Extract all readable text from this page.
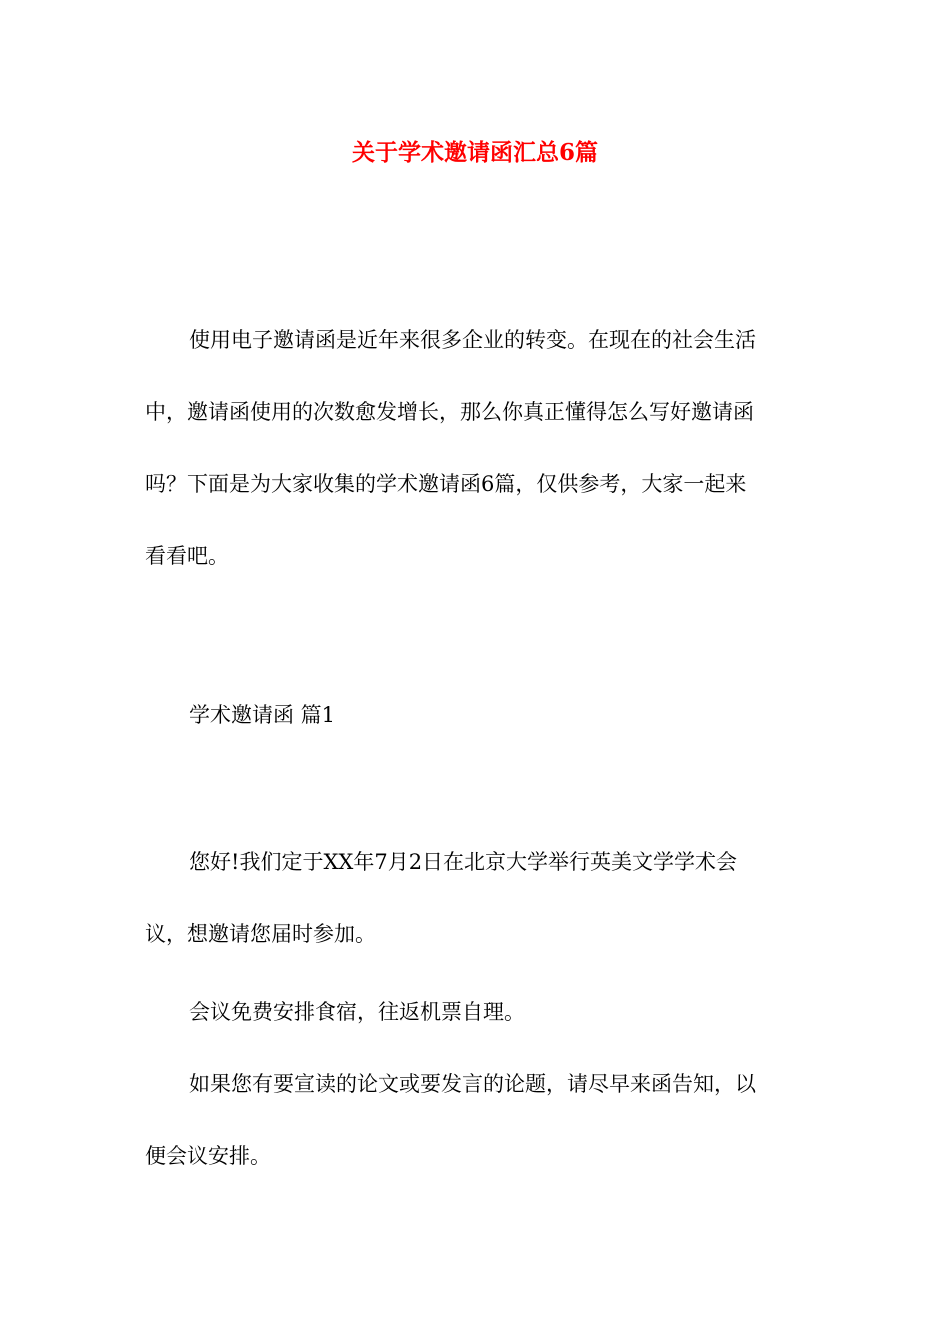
关于学术邀请函汇总6篇
使用电子邀请函是近年来很多企业的转变。在现在的社会生活
中，邀请函使用的次数愈发增长，那么你真正懂得怎么写好邀请函
吗？下面是为大家收集的学术邀请函6篇，仅供参考，大家一起来
看看吧。
学术邀请函 篇1
您好!我们定于XX年7月2日在北京大学举行英美文学学术会
议，想邀请您届时参加。
会议免费安排食宿，往返机票自理。
如果您有要宣读的论文或要发言的论题，请尽早来函告知，以
便会议安排。
